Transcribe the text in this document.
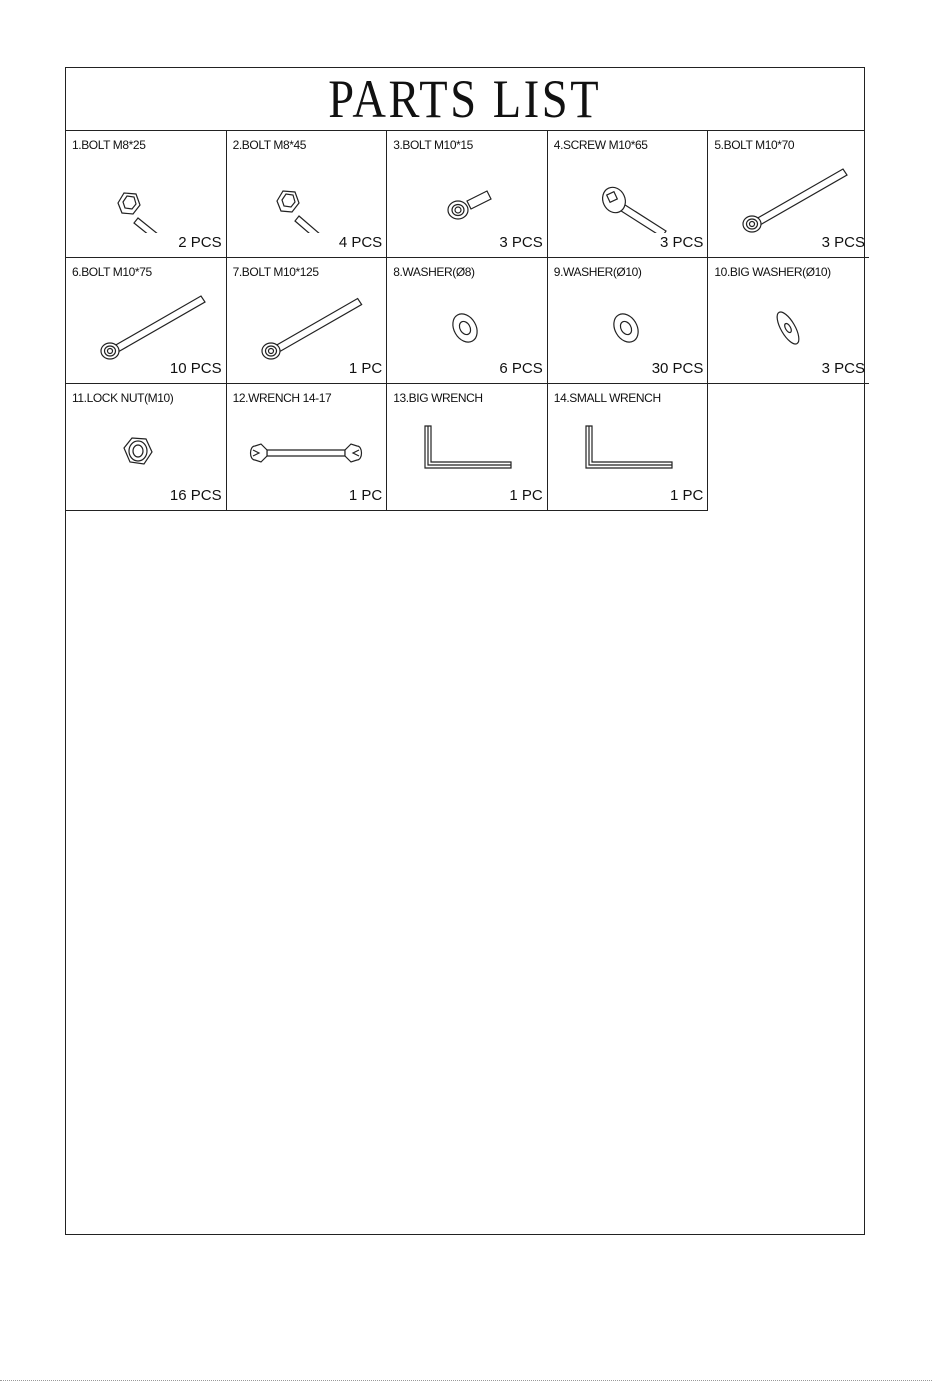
PARTS LIST
1.BOLT M8*25
2 PCS
2.BOLT M8*45
4 PCS
3.BOLT M10*15
3 PCS
4.SCREW M10*65
3 PCS
5.BOLT M10*70
3 PCS
6.BOLT M10*75
10 PCS
7.BOLT M10*125
1 PC
8.WASHER(Ø8)
6 PCS
9.WASHER(Ø10)
30 PCS
10.BIG WASHER(Ø10)
3 PCS
11.LOCK NUT(M10)
16 PCS
12.WRENCH 14-17
1 PC
13.BIG WRENCH
1 PC
14.SMALL WRENCH
1 PC
